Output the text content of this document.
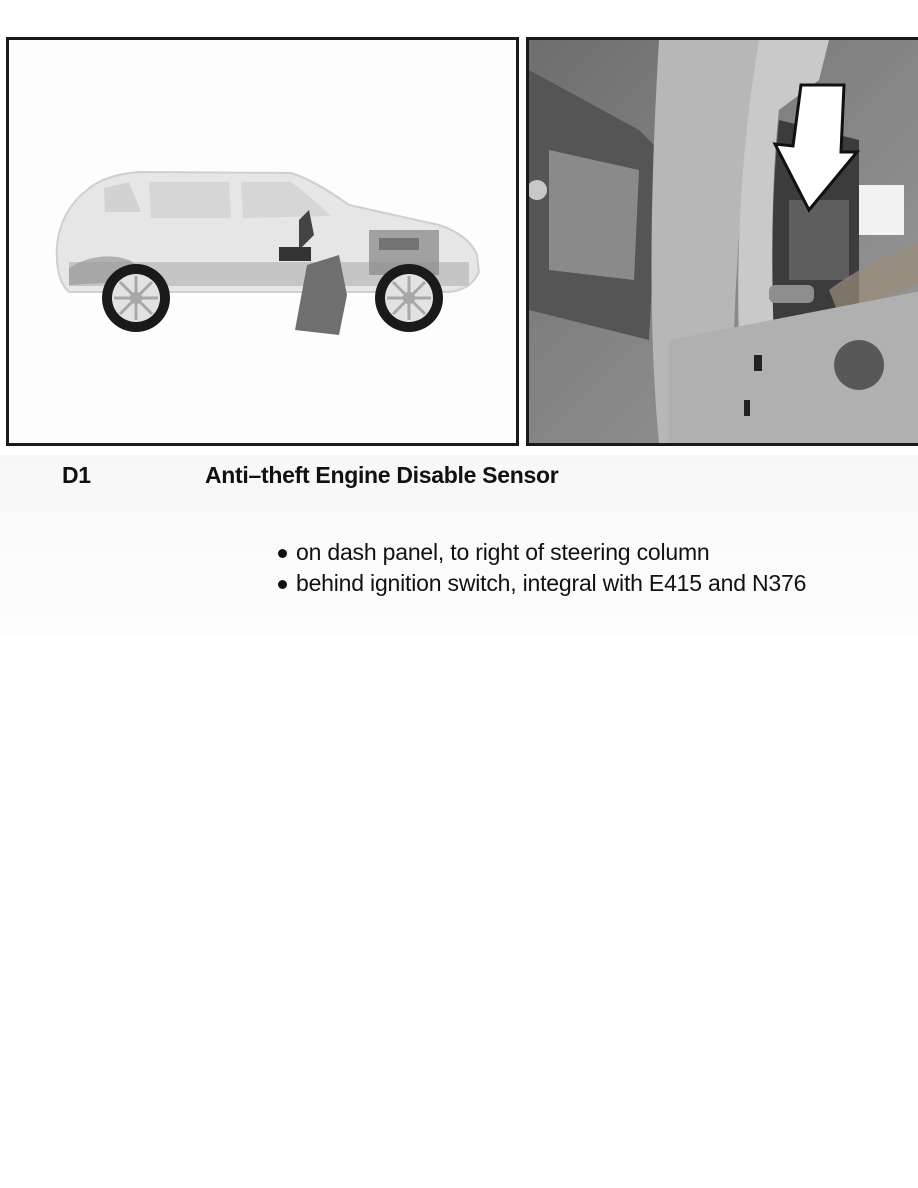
D1	Anti–theft Engine Disable Sensor
on dash panel, to right of steering column
behind ignition switch, integral with E415 and N376
